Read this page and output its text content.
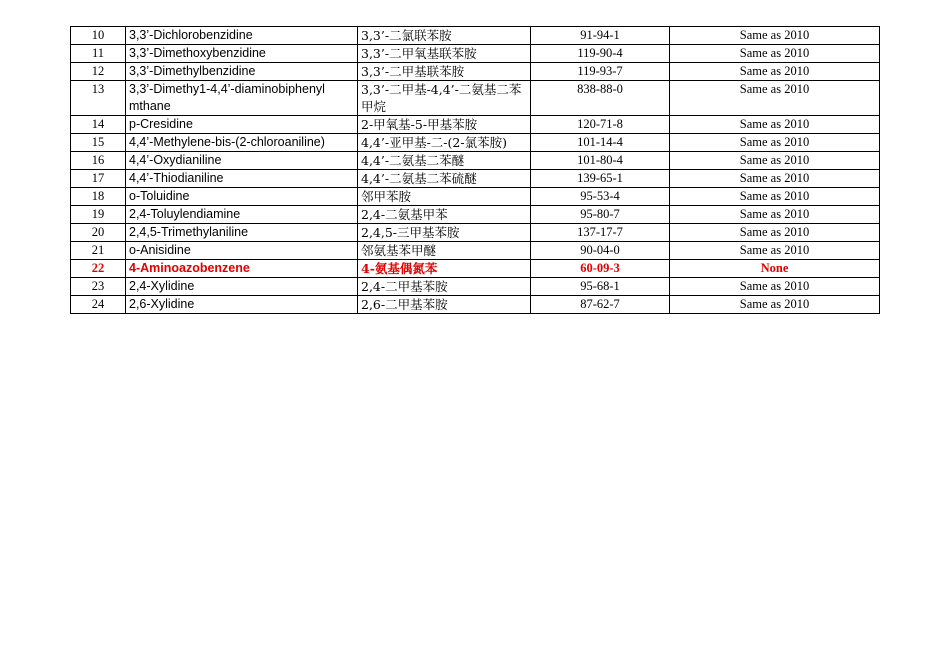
10	3,3’-Dichlorobenzidine	3,3’-二氯联苯胺	91-94-1	Same as 2010
11	3,3’-Dimethoxybenzidine	3,3’-二甲氧基联苯胺	119-90-4	Same as 2010
12	3,3’-Dimethylbenzidine	3,3’-二甲基联苯胺	119-93-7	Same as 2010
13	3,3’-Dimethy1-4,4’-diaminobiphenyl mthane	3,3’-二甲基-4,4’-二氨基二苯甲烷	838-88-0	Same as 2010
14	p-Cresidine	2-甲氧基-5-甲基苯胺	120-71-8	Same as 2010
15	4,4’-Methylene-bis-(2-chloroaniline)	4,4’-亚甲基-二-(2-氯苯胺)	101-14-4	Same as 2010
16	4,4’-Oxydianiline	4,4’-二氨基二苯醚	101-80-4	Same as 2010
17	4,4’-Thiodianiline	4,4’-二氨基二苯硫醚	139-65-1	Same as 2010
18	o-Toluidine	邻甲苯胺	95-53-4	Same as 2010
19	2,4-Toluylendiamine	2,4-二氨基甲苯	95-80-7	Same as 2010
20	2,4,5-Trimethylaniline	2,4,5-三甲基苯胺	137-17-7	Same as 2010
21	o-Anisidine	邻氨基苯甲醚	90-04-0	Same as 2010
22	4-Aminoazobenzene	4-氨基偶氮苯	60-09-3	None
23	2,4-Xylidine	2,4-二甲基苯胺	95-68-1	Same as 2010
24	2,6-Xylidine	2,6-二甲基苯胺	87-62-7	Same as 2010
